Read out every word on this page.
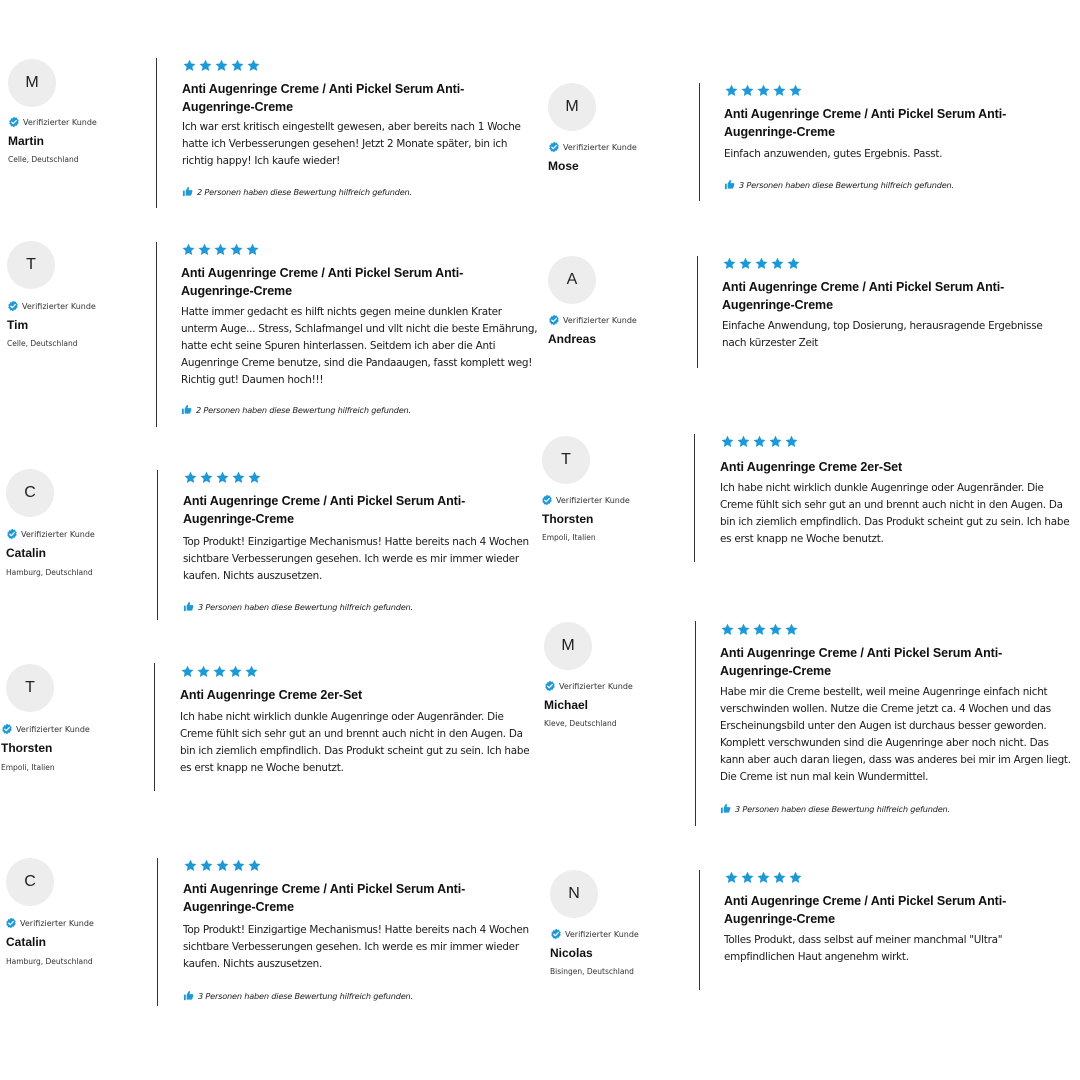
M
Verifizierter Kunde
Martin
Celle, Deutschland
Anti Augenringe Creme / Anti Pickel Serum Anti-Augenringe-Creme
Ich war erst kritisch eingestellt gewesen, aber bereits nach 1 Woche hatte ich Verbesserungen gesehen! Jetzt 2 Monate später, bin ich richtig happy! Ich kaufe wieder!
2 Personen haben diese Bewertung hilfreich gefunden.
M
Verifizierter Kunde
Mose
Anti Augenringe Creme / Anti Pickel Serum Anti-Augenringe-Creme
Einfach anzuwenden, gutes Ergebnis. Passt.
3 Personen haben diese Bewertung hilfreich gefunden.
T
Verifizierter Kunde
Tim
Celle, Deutschland
Anti Augenringe Creme / Anti Pickel Serum Anti-Augenringe-Creme
Hatte immer gedacht es hilft nichts gegen meine dunklen Krater unterm Auge... Stress, Schlafmangel und vllt nicht die beste Ernährung, hatte echt seine Spuren hinterlassen. Seitdem ich aber die Anti Augenringe Creme benutze, sind die Pandaaugen, fasst komplett weg! Richtig gut! Daumen hoch!!!
2 Personen haben diese Bewertung hilfreich gefunden.
A
Verifizierter Kunde
Andreas
Anti Augenringe Creme / Anti Pickel Serum Anti-Augenringe-Creme
Einfache Anwendung, top Dosierung, herausragende Ergebnisse nach kürzester Zeit
C
Verifizierter Kunde
Catalin
Hamburg, Deutschland
Anti Augenringe Creme / Anti Pickel Serum Anti-Augenringe-Creme
Top Produkt! Einzigartige Mechanismus! Hatte bereits nach 4 Wochen sichtbare Verbesserungen gesehen. Ich werde es mir immer wieder kaufen. Nichts auszusetzen.
3 Personen haben diese Bewertung hilfreich gefunden.
T
Verifizierter Kunde
Thorsten
Empoli, Italien
Anti Augenringe Creme 2er-Set
Ich habe nicht wirklich dunkle Augenringe oder Augenränder. Die Creme fühlt sich sehr gut an und brennt auch nicht in den Augen. Da bin ich ziemlich empfindlich. Das Produkt scheint gut zu sein. Ich habe es erst knapp ne Woche benutzt.
T
Verifizierter Kunde
Thorsten
Empoli, Italien
Anti Augenringe Creme 2er-Set
Ich habe nicht wirklich dunkle Augenringe oder Augenränder. Die Creme fühlt sich sehr gut an und brennt auch nicht in den Augen. Da bin ich ziemlich empfindlich. Das Produkt scheint gut zu sein. Ich habe es erst knapp ne Woche benutzt.
M
Verifizierter Kunde
Michael
Kleve, Deutschland
Anti Augenringe Creme / Anti Pickel Serum Anti-Augenringe-Creme
Habe mir die Creme bestellt, weil meine Augenringe einfach nicht verschwinden wollen. Nutze die Creme jetzt ca. 4 Wochen und das Erscheinungsbild unter den Augen ist durchaus besser geworden. Komplett verschwunden sind die Augenringe aber noch nicht. Das kann aber auch daran liegen, dass was anderes bei mir im Argen liegt. Die Creme ist nun mal kein Wundermittel.
3 Personen haben diese Bewertung hilfreich gefunden.
C
Verifizierter Kunde
Catalin
Hamburg, Deutschland
Anti Augenringe Creme / Anti Pickel Serum Anti-Augenringe-Creme
Top Produkt! Einzigartige Mechanismus! Hatte bereits nach 4 Wochen sichtbare Verbesserungen gesehen. Ich werde es mir immer wieder kaufen. Nichts auszusetzen.
3 Personen haben diese Bewertung hilfreich gefunden.
N
Verifizierter Kunde
Nicolas
Bisingen, Deutschland
Anti Augenringe Creme / Anti Pickel Serum Anti-Augenringe-Creme
Tolles Produkt, dass selbst auf meiner manchmal "Ultra" empfindlichen Haut angenehm wirkt.
